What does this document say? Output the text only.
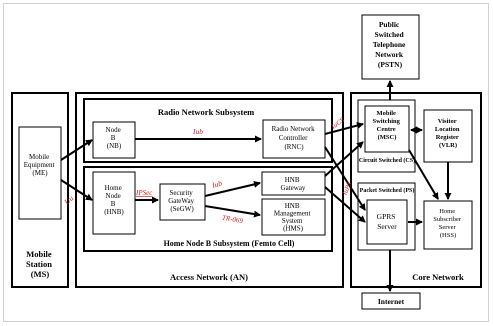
Mobile Equipment (ME)
Mobile Station (MS)	Access Network (AN)
Radio Network Subsystem
Node B (NB)
Radio Network Controller (RNC)
Home Node B Subsystem (Femto Cell)
Home Node B (HNB)
Security GateWay (SeGW)
HNB Gateway
HNB Management System (HMS)
Core Network
Public Switched Telephone Network (PSTN)
Mobile Switching Centre (MSC)
Circuit Switched (CS)
Packet Switched (PS)
GPRS Server
Visitor Location Register (VLR)
Home Subscriber Server (HSS)
Internet
Uu
Iub
IPSec
Iub
TR-069
IuCS
IuPS
